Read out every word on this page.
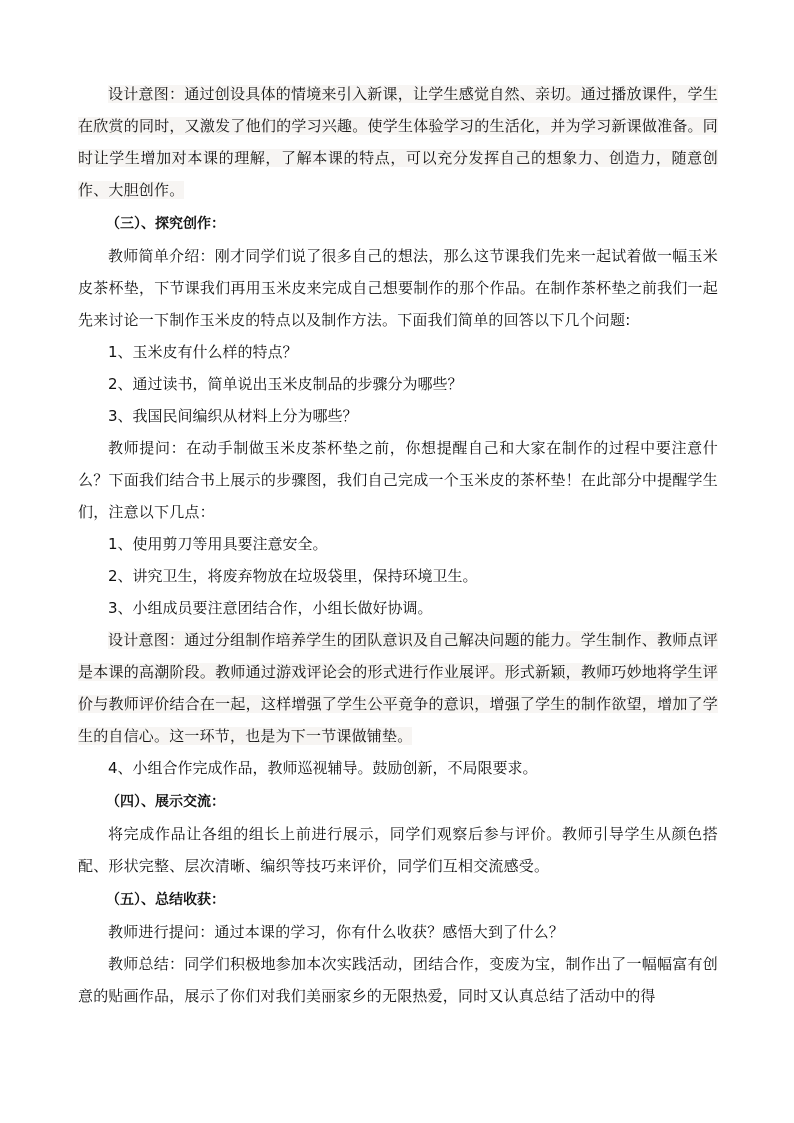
设计意图：通过创设具体的情境来引入新课，让学生感觉自然、亲切。通过播放课件，学生在欣赏的同时，又激发了他们的学习兴趣。使学生体验学习的生活化，并为学习新课做准备。同时让学生增加对本课的理解，了解本课的特点，可以充分发挥自己的想象力、创造力，随意创作、大胆创作。

（三）、探究创作：

教师简单介绍：刚才同学们说了很多自己的想法，那么这节课我们先来一起试着做一幅玉米皮茶杯垫，下节课我们再用玉米皮来完成自己想要制作的那个作品。在制作茶杯垫之前我们一起先来讨论一下制作玉米皮的特点以及制作方法。下面我们简单的回答以下几个问题:

1、玉米皮有什么样的特点？

2、通过读书，简单说出玉米皮制品的步骤分为哪些？

3、我国民间编织从材料上分为哪些？

教师提问：在动手制做玉米皮茶杯垫之前，你想提醒自己和大家在制作的过程中要注意什么？下面我们结合书上展示的步骤图，我们自己完成一个玉米皮的茶杯垫！在此部分中提醒学生们，注意以下几点：

1、使用剪刀等用具要注意安全。

2、讲究卫生，将废弃物放在垃圾袋里，保持环境卫生。

3、小组成员要注意团结合作，小组长做好协调。

设计意图：通过分组制作培养学生的团队意识及自己解决问题的能力。学生制作、教师点评是本课的高潮阶段。教师通过游戏评论会的形式进行作业展评。形式新颖，教师巧妙地将学生评价与教师评价结合在一起，这样增强了学生公平竟争的意识，增强了学生的制作欲望，增加了学生的自信心。这一环节，也是为下一节课做铺垫。

4、小组合作完成作品，教师巡视辅导。鼓励创新，不局限要求。

（四）、展示交流：

将完成作品让各组的组长上前进行展示，同学们观察后参与评价。教师引导学生从颜色搭配、形状完整、层次清晰、编织等技巧来评价，同学们互相交流感受。

（五）、总结收获：

教师进行提问：通过本课的学习，你有什么收获？感悟大到了什么？

教师总结：同学们积极地参加本次实践活动，团结合作，变废为宝，制作出了一幅幅富有创意的贴画作品，展示了你们对我们美丽家乡的无限热爱，同时又认真总结了活动中的得
